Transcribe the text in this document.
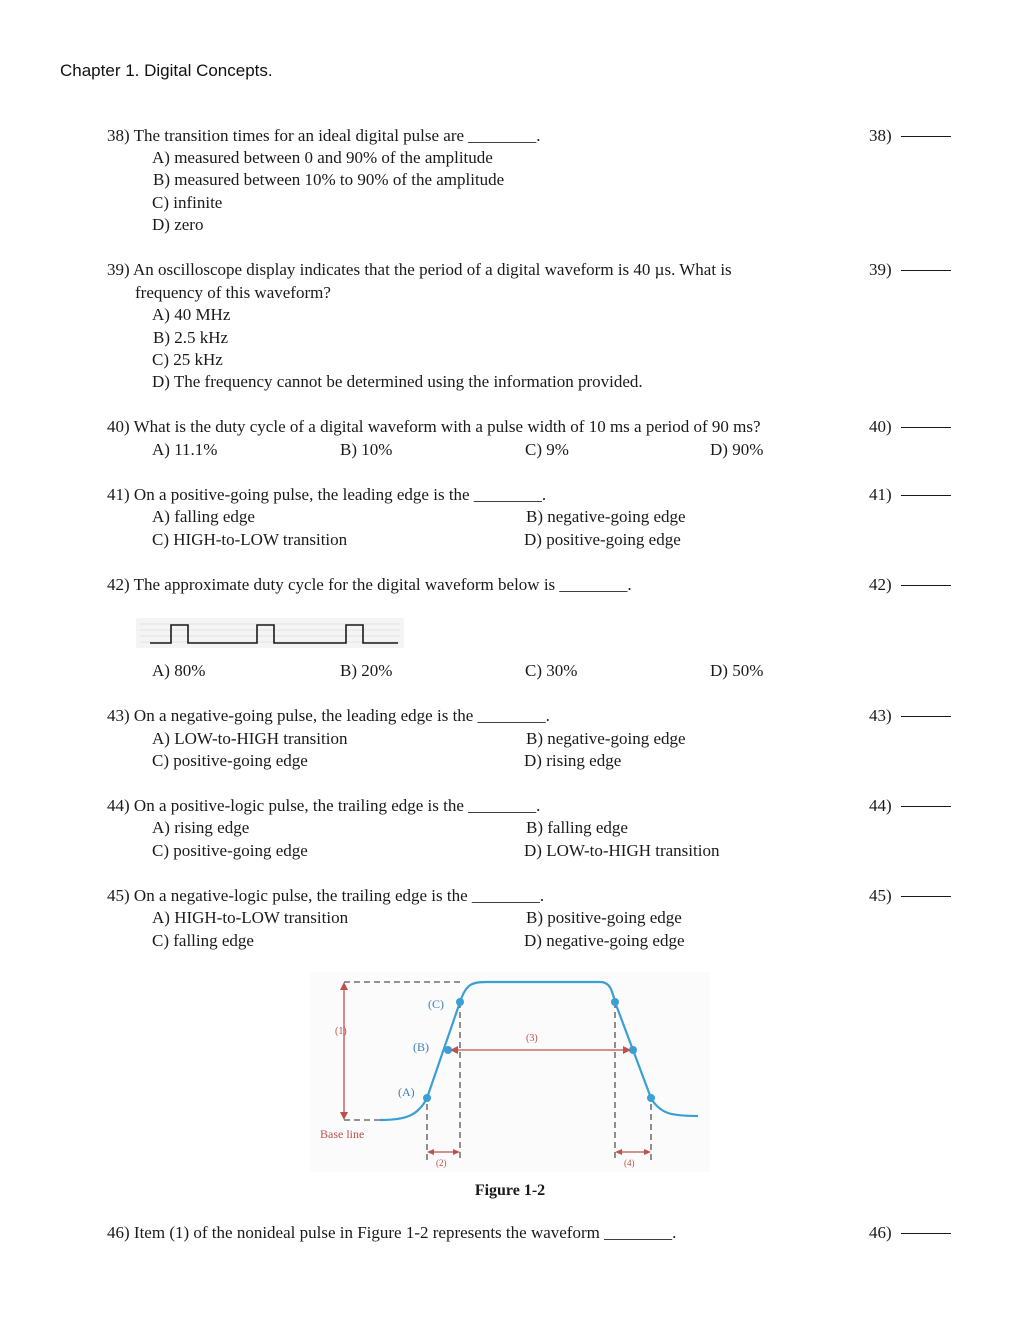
Chapter 1. Digital Concepts.
38) The transition times for an ideal digital pulse are ________.	38)
A) measured between 0 and 90% of the amplitude
B) measured between 10% to 90% of the amplitude
C) infinite
D) zero
39) An oscilloscope display indicates that the period of a digital waveform is 40 µs. What is
frequency of this waveform?
39)
A) 40 MHz
B) 2.5 kHz
C) 25 kHz
D) The frequency cannot be determined using the information provided.
40) What is the duty cycle of a digital waveform with a pulse width of 10 ms a period of 90 ms?	40)
A) 11.1%	B) 10%	C) 9%	D) 90%
41) On a positive-going pulse, the leading edge is the ________.	41)
A) falling edge	B) negative-going edge
C) HIGH-to-LOW transition	D) positive-going edge
42) The approximate duty cycle for the digital waveform below is ________.	42)
A) 80%	B) 20%	C) 30%	D) 50%
43) On a negative-going pulse, the leading edge is the ________.	43)
A) LOW-to-HIGH transition	B) negative-going edge
C) positive-going edge	D) rising edge
44) On a positive-logic pulse, the trailing edge is the ________.	44)
A) rising edge	B) falling edge
C) positive-going edge	D) LOW-to-HIGH transition
45) On a negative-logic pulse, the trailing edge is the ________.	45)
A) HIGH-to-LOW transition	B) positive-going edge
C) falling edge	D) negative-going edge
(C)
(B)
(A)
(1)
(3)
(2)	(4)
Base line
Figure 1-2
46) Item (1) of the nonideal pulse in Figure 1-2 represents the waveform ________.	46)
